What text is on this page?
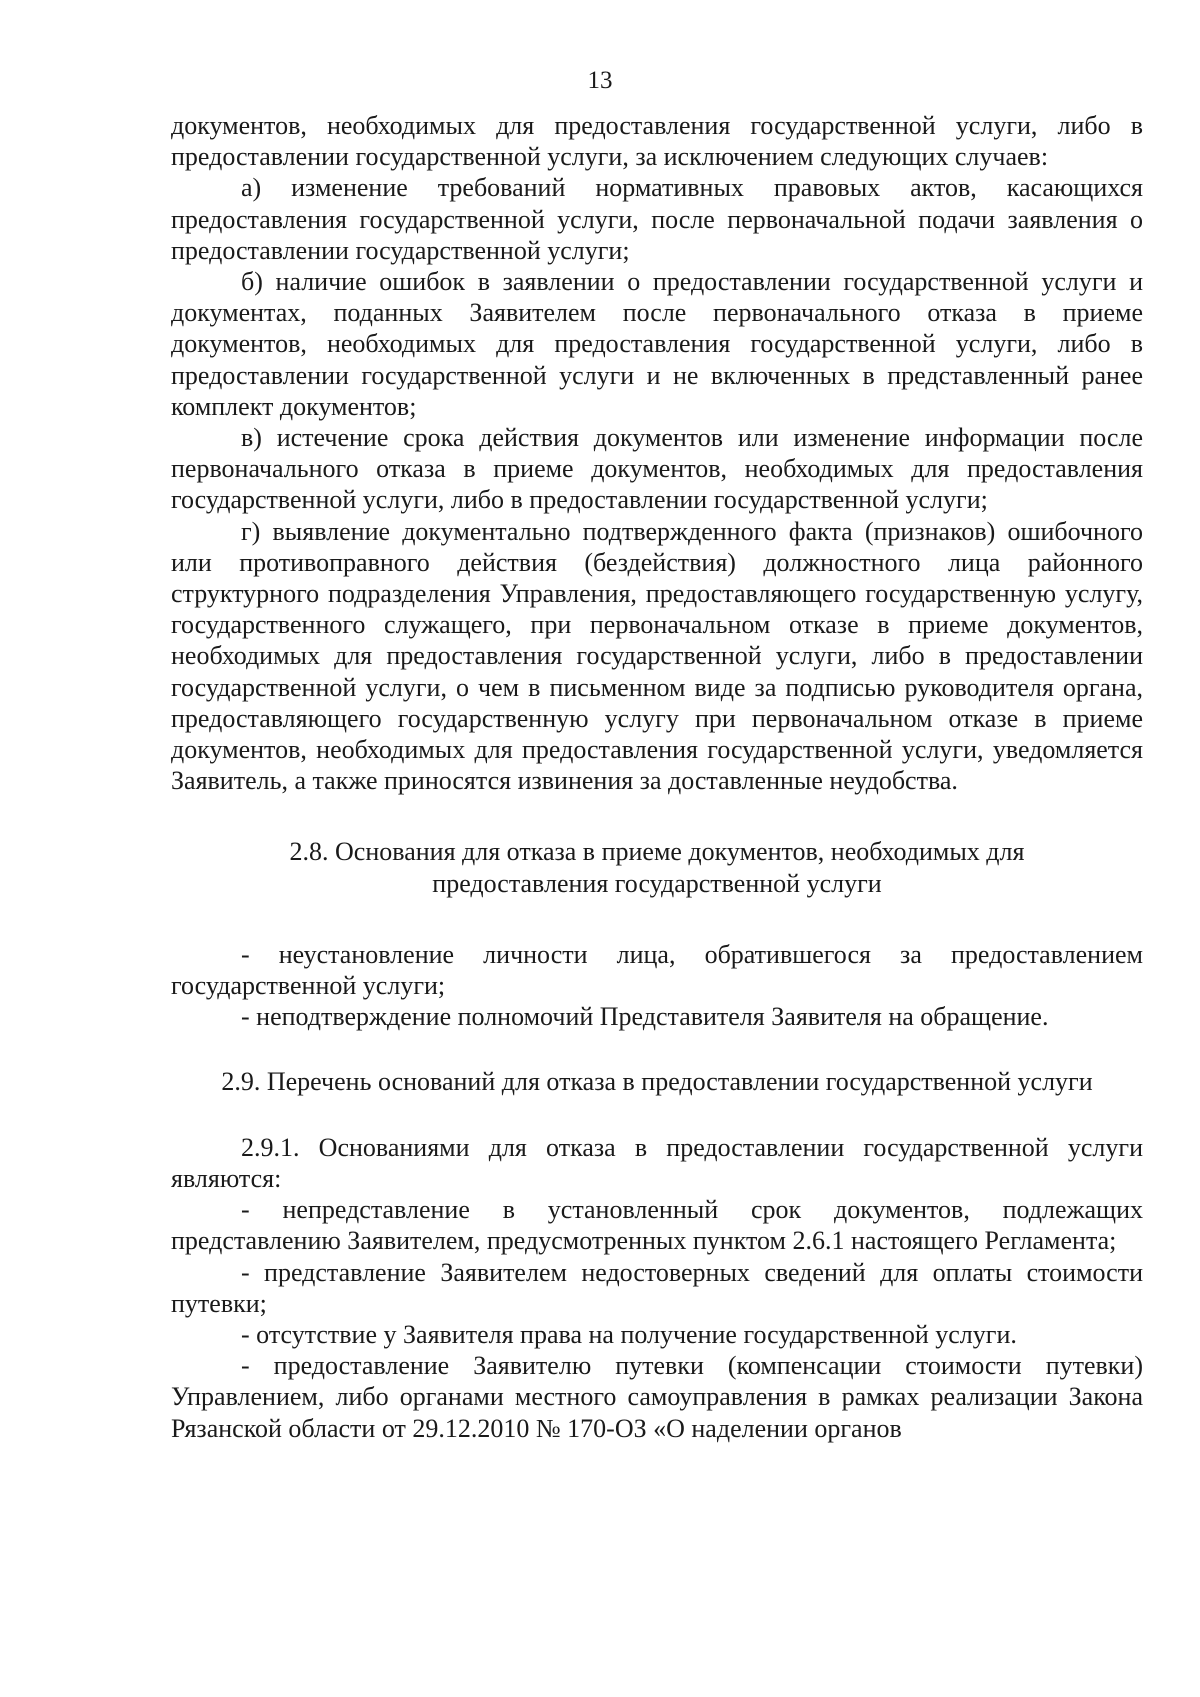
13

документов, необходимых для предоставления государственной услуги, либо в предоставлении государственной услуги, за исключением следующих случаев:

а) изменение требований нормативных правовых актов, касающихся предоставления государственной услуги, после первоначальной подачи заявления о предоставлении государственной услуги;

б) наличие ошибок в заявлении о предоставлении государственной услуги и документах, поданных Заявителем после первоначального отказа в приеме документов, необходимых для предоставления государственной услуги, либо в предоставлении государственной услуги и не включенных в представленный ранее комплект документов;

в) истечение срока действия документов или изменение информации после первоначального отказа в приеме документов, необходимых для предоставления государственной услуги, либо в предоставлении государственной услуги;

г) выявление документально подтвержденного факта (признаков) ошибочного или противоправного действия (бездействия) должностного лица районного структурного подразделения Управления, предоставляющего государственную услугу, государственного служащего, при первоначальном отказе в приеме документов, необходимых для предоставления государственной услуги, либо в предоставлении государственной услуги, о чем в письменном виде за подписью руководителя органа, предоставляющего государственную услугу при первоначальном отказе в приеме документов, необходимых для предоставления государственной услуги, уведомляется Заявитель, а также приносятся извинения за доставленные неудобства.

2.8. Основания для отказа в приеме документов, необходимых для

предоставления государственной услуги

- неустановление личности лица, обратившегося за предоставлением государственной услуги;

- неподтверждение полномочий Представителя Заявителя на обращение.

2.9. Перечень оснований для отказа в предоставлении государственной услуги

2.9.1. Основаниями для отказа в предоставлении государственной услуги являются:

- непредставление в установленный срок документов, подлежащих представлению Заявителем, предусмотренных пунктом 2.6.1 настоящего Регламента;

- представление Заявителем недостоверных сведений для оплаты стоимости путевки;

- отсутствие у Заявителя права на получение государственной услуги.

- предоставление Заявителю путевки (компенсации стоимости путевки) Управлением, либо органами местного самоуправления в рамках реализации Закона Рязанской области от 29.12.2010 № 170-ОЗ «О наделении органов
